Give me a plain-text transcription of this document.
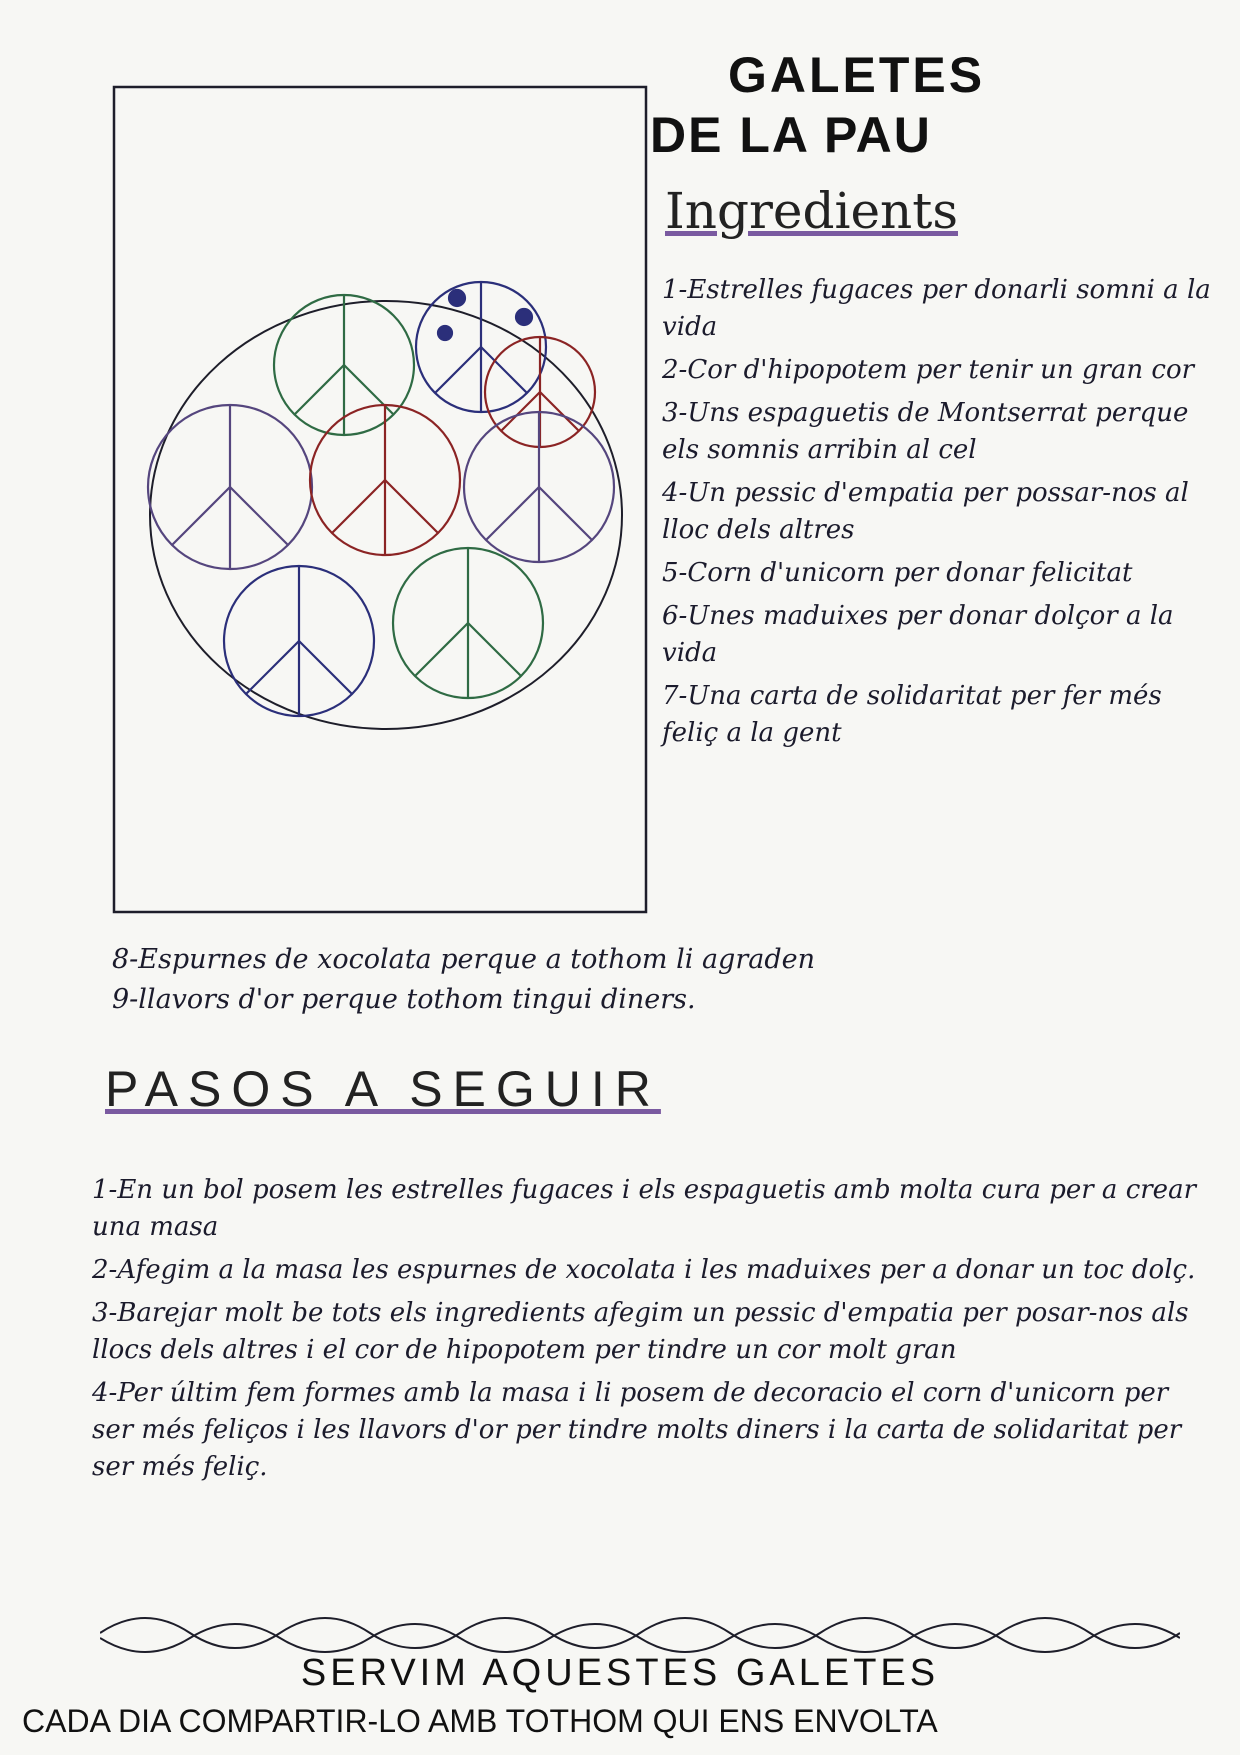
GALETES
DE LA PAU
Ingredients
1-Estrelles fugaces per donarli somni a la vida
2-Cor d'hipopotem per tenir un gran cor
3-Uns espaguetis de Montserrat perque els somnis arribin al cel
4-Un pessic d'empatia per possar-nos al lloc dels altres
5-Corn d'unicorn per donar felicitat
6-Unes maduixes per donar dolçor a la vida
7-Una carta de solidaritat per fer més feliç a la gent
8-Espurnes de xocolata perque a tothom li agraden
9-llavors d'or perque tothom tingui diners.
PASOS A SEGUIR
1-En un bol posem les estrelles fugaces i els espaguetis amb molta cura per a crear una masa
2-Afegim a la masa les espurnes de xocolata i les maduixes per a donar un toc dolç.
3-Barejar molt be tots els ingredients afegim un pessic d'empatia per posar-nos als llocs dels altres i el cor de hipopotem per tindre un cor molt gran
4-Per últim fem formes amb la masa i li posem de decoracio el corn d'unicorn per ser més feliços i les llavors d'or per tindre molts diners i la carta de solidaritat per ser més feliç.
SERVIM AQUESTES GALETES
CADA DIA COMPARTIR-LO AMB TOTHOM QUI ENS ENVOLTA
